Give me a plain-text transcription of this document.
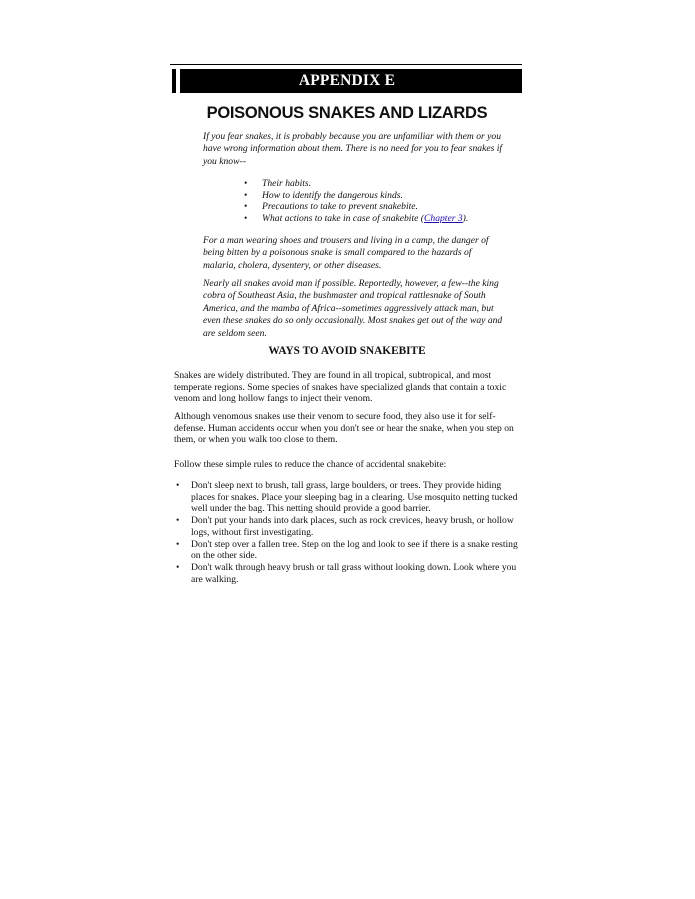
APPENDIX E
POISONOUS SNAKES AND LIZARDS
If you fear snakes, it is probably because you are unfamiliar with them or you have wrong information about them. There is no need for you to fear snakes if you know--
• Their habits.
• How to identify the dangerous kinds.
• Precautions to take to prevent snakebite.
• What actions to take in case of snakebite (Chapter 3).
For a man wearing shoes and trousers and living in a camp, the danger of being bitten by a poisonous snake is small compared to the hazards of malaria, cholera, dysentery, or other diseases.
Nearly all snakes avoid man if possible. Reportedly, however, a few--the king cobra of Southeast Asia, the bushmaster and tropical rattlesnake of South America, and the mamba of Africa--sometimes aggressively attack man, but even these snakes do so only occasionally. Most snakes get out of the way and are seldom seen.
WAYS TO AVOID SNAKEBITE
Snakes are widely distributed. They are found in all tropical, subtropical, and most temperate regions. Some species of snakes have specialized glands that contain a toxic venom and long hollow fangs to inject their venom.
Although venomous snakes use their venom to secure food, they also use it for self-defense. Human accidents occur when you don't see or hear the snake, when you step on them, or when you walk too close to them.
Follow these simple rules to reduce the chance of accidental snakebite:
• Don't sleep next to brush, tall grass, large boulders, or trees. They provide hiding places for snakes. Place your sleeping bag in a clearing. Use mosquito netting tucked well under the bag. This netting should provide a good barrier.
• Don't put your hands into dark places, such as rock crevices, heavy brush, or hollow logs, without first investigating.
• Don't step over a fallen tree. Step on the log and look to see if there is a snake resting on the other side.
• Don't walk through heavy brush or tall grass without looking down. Look where you are walking.
